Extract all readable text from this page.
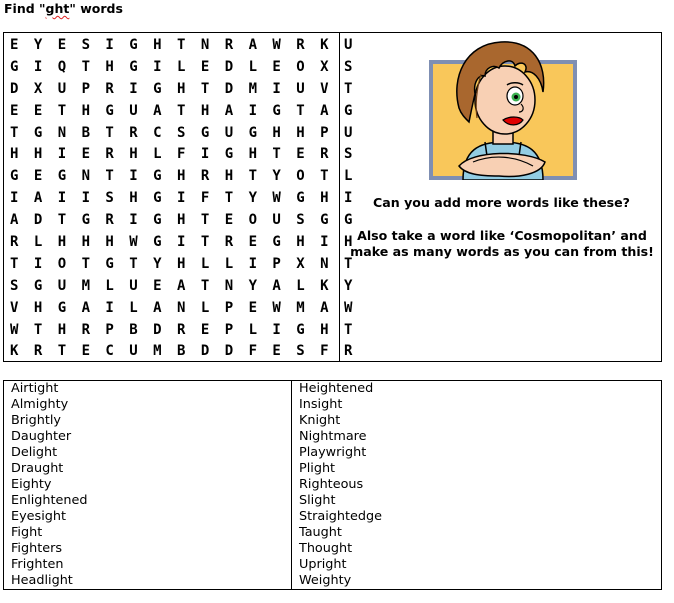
Find "ght" words
E Y E S I G H T N R A W R K U
G I Q T H G I L E D L E O X S
D X U P R I G H T D M I U V T
E E T H G U A T H A I G T A G
T G N B T R C S G U G H H P U
H H I E R H L F I G H T E R S
G E G N T I G H R H T Y O T L
I A I I S H G I F T Y W G H I
A D T G R I G H T E O U S G G
R L H H H W G I T R E G H I H
T I O T G T Y H L L I P X N T
S G U M L U E A T N Y A L K Y
V H G A I L A N L P E W M A W
W T H R P B D R E P L I G H T
K R T E C U M B D D F E S F R
Can you add more words like these?
Also take a word like ‘Cosmopolitan’ and make as many words as you can from this!
Airtight
Almighty
Brightly
Daughter
Delight
Draught
Eighty
Enlightened
Eyesight
Fight
Fighters
Frighten
Headlight
Heightened
Insight
Knight
Nightmare
Playwright
Plight
Righteous
Slight
Straightedge
Taught
Thought
Upright
Weighty
